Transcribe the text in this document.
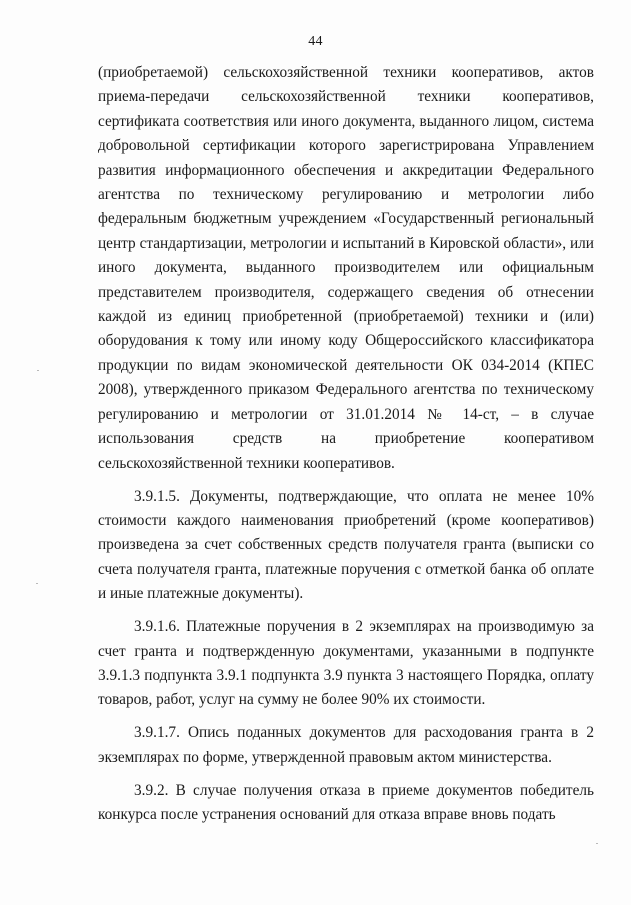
44

(приобретаемой) сельскохозяйственной техники кооперативов, актов приема-передачи сельскохозяйственной техники кооперативов, сертификата соответствия или иного документа, выданного лицом, система добровольной сертификации которого зарегистрирована Управлением развития информационного обеспечения и аккредитации Федерального агентства по техническому регулированию и метрологии либо федеральным бюджетным учреждением «Государственный региональный центр стандартизации, метрологии и испытаний в Кировской области», или иного документа, выданного производителем или официальным представителем производителя, содержащего сведения об отнесении каждой из единиц приобретенной (приобретаемой) техники и (или) оборудования к тому или иному коду Общероссийского классификатора продукции по видам экономической деятельности ОК 034-2014 (КПЕС 2008), утвержденного приказом Федерального агентства по техническому регулированию и метрологии от 31.01.2014 № 14-ст, – в случае использования средств на приобретение кооперативом сельскохозяйственной техники кооперативов.

3.9.1.5. Документы, подтверждающие, что оплата не менее 10% стоимости каждого наименования приобретений (кроме кооперативов) произведена за счет собственных средств получателя гранта (выписки со счета получателя гранта, платежные поручения с отметкой банка об оплате и иные платежные документы).

3.9.1.6. Платежные поручения в 2 экземплярах на производимую за счет гранта и подтвержденную документами, указанными в подпункте 3.9.1.3 подпункта 3.9.1 подпункта 3.9 пункта 3 настоящего Порядка, оплату товаров, работ, услуг на сумму не более 90% их стоимости.

3.9.1.7. Опись поданных документов для расходования гранта в 2 экземплярах по форме, утвержденной правовым актом министерства.

3.9.2. В случае получения отказа в приеме документов победитель конкурса после устранения оснований для отказа вправе вновь подать
